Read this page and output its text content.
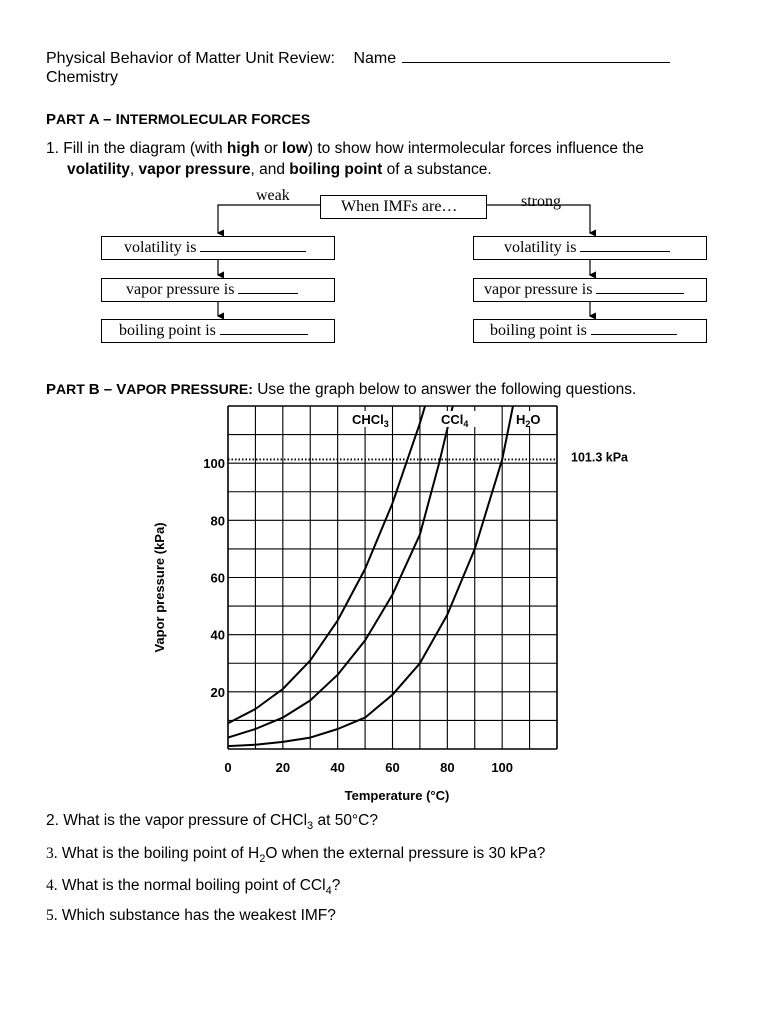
Physical Behavior of Matter Unit Review: Name
Chemistry
PART A – INTERMOLECULAR FORCES
1. Fill in the diagram (with high or low) to show how intermolecular forces influence the
volatility, vapor pressure, and boiling point of a substance.
weak	strong
When IMFs are…
volatility is
vapor pressure is
boiling point is
volatility is
vapor pressure is
boiling point is
PART B – VAPOR PRESSURE: Use the graph below to answer the following questions.
101.3 kPa
CHCl$_3$	CCl$_4$	$H_2O$
0	20	40	60	80	100
20
40
60
80
100
Vapor pressure (kPa)
Temperature (°C)
2. What is the vapor pressure of CHCl$_3$ at 50°C?
3. What is the boiling point of $H_2O$ when the external pressure is 30 kPa?
4. What is the normal boiling point of CCl$_4$?
5. Which substance has the weakest IMF?
